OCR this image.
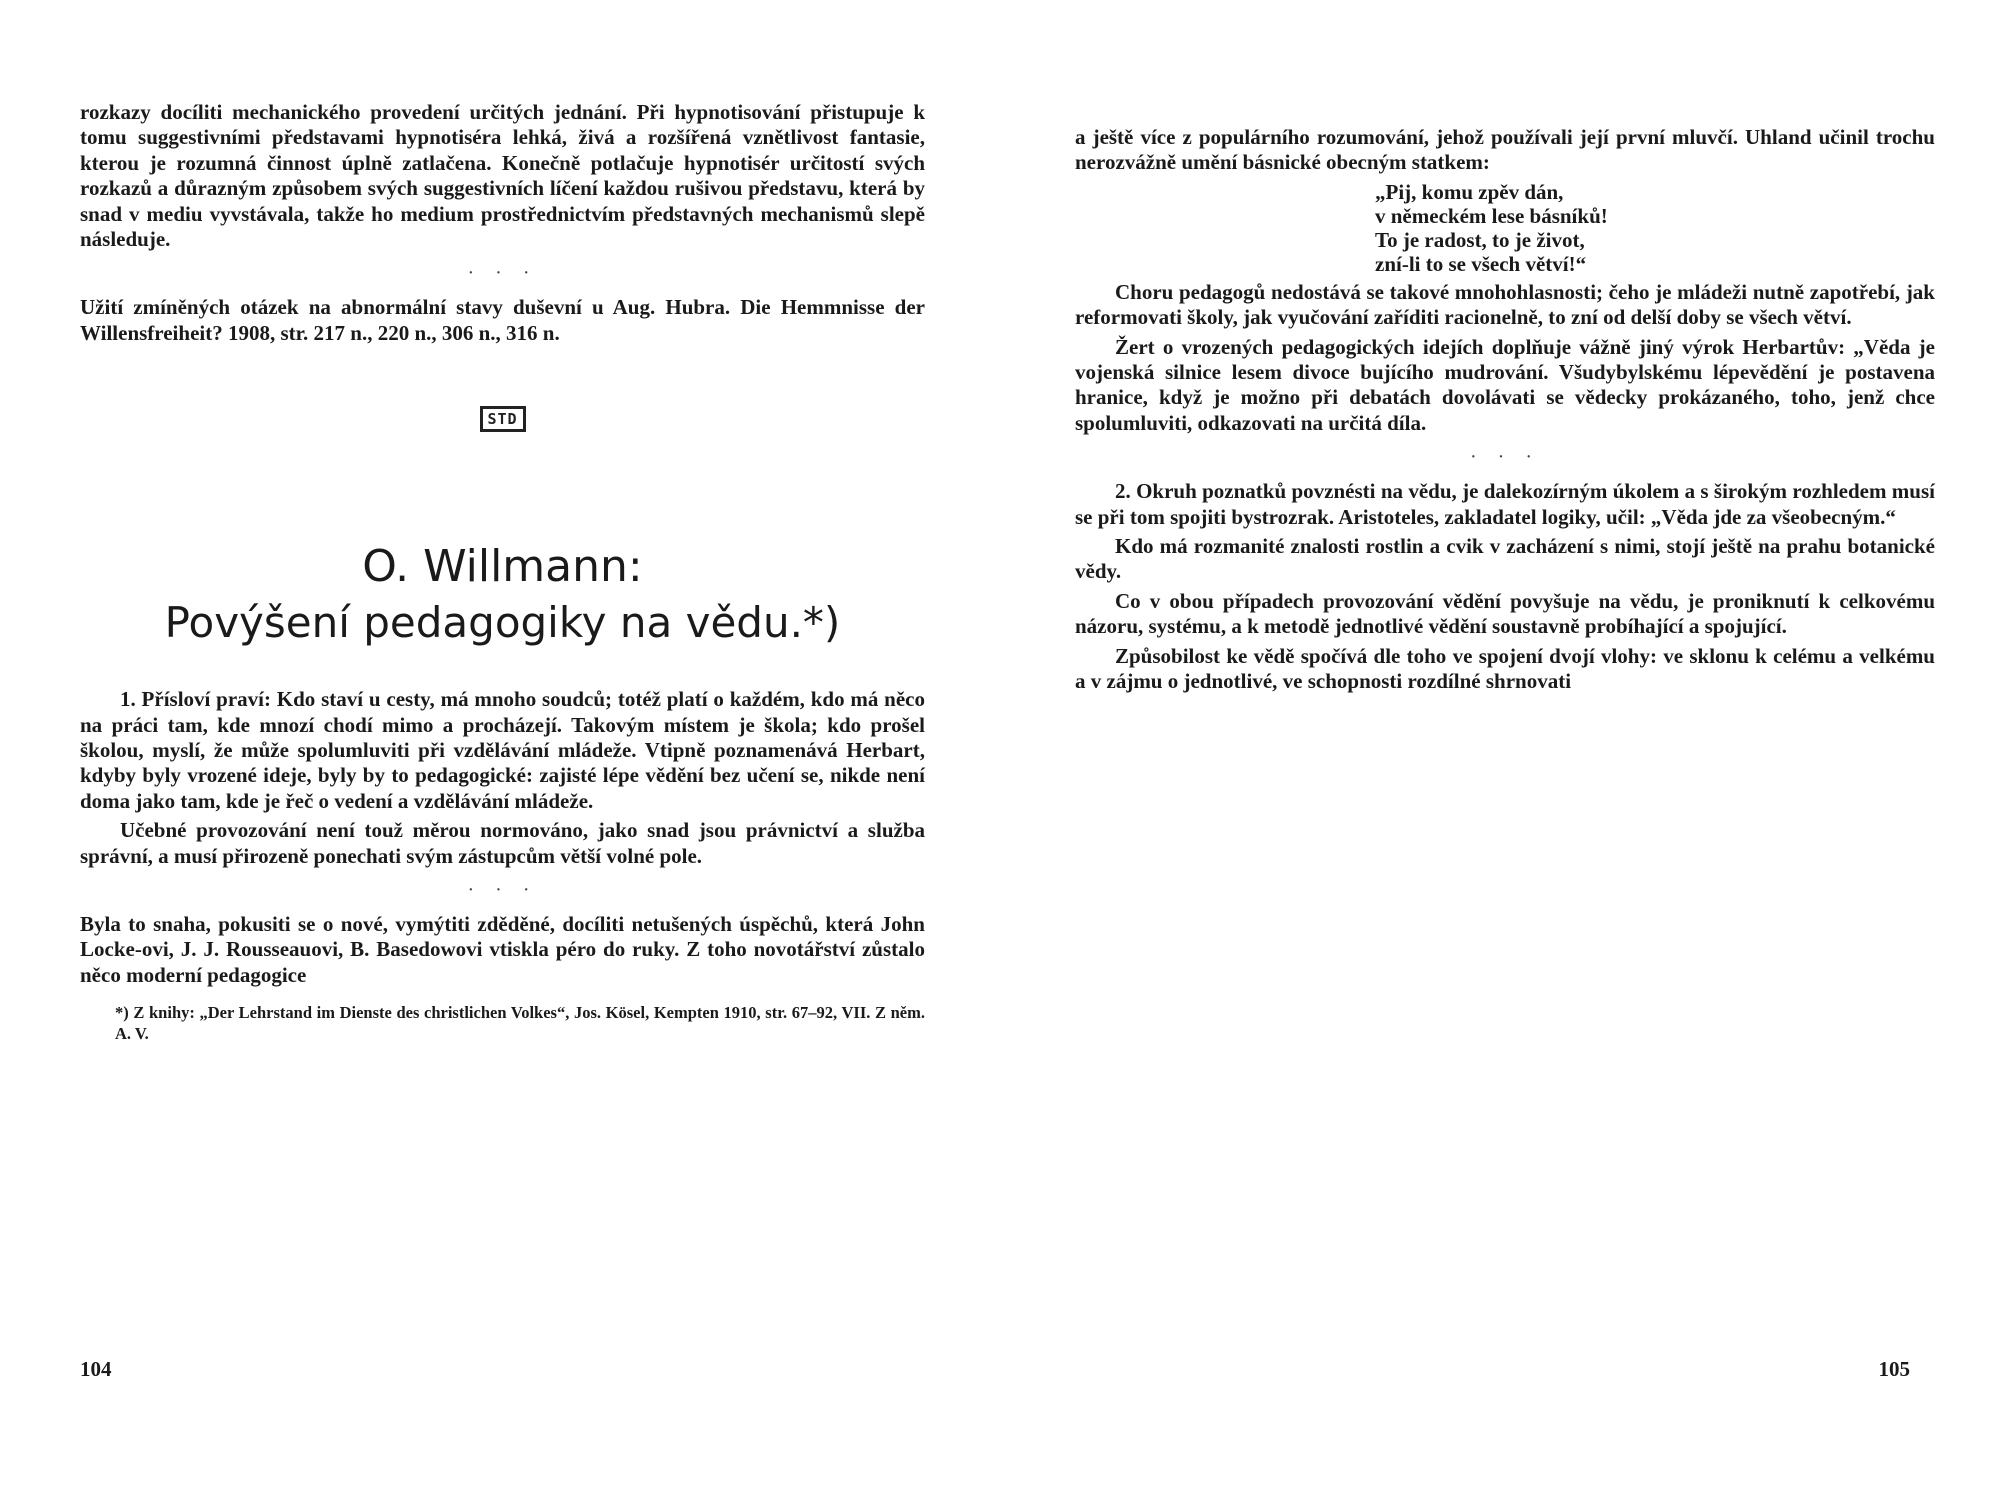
rozkazy docíliti mechanického provedení určitých jednání. Při hypnotisování přistupuje k tomu suggestivními představami hypnotiséra lehká, živá a rozšířená vznětlivost fantasie, kterou je rozumná činnost úplně zatlačena. Konečně potlačuje hypnotisér určitostí svých rozkazů a důrazným způsobem svých suggestivních líčení každou rušivou představu, která by snad v mediu vyvstávala, takže ho medium prostřednictvím představných mechanismů slepě následuje.

· · ·

Užití zmíněných otázek na abnormální stavy duševní u Aug. Hubra. Die Hemmnisse der Willensfreiheit? 1908, str. 217 n., 220 n., 306 n., 316 n.

STD
O. Willmann:
Povýšení pedagogiky na vědu.*)

1. Přísloví praví: Kdo staví u cesty, má mnoho soudců; totéž platí o každém, kdo má něco na práci tam, kde mnozí chodí mimo a procházejí. Takovým místem je škola; kdo prošel školou, myslí, že může spolumluviti při vzdělávání mládeže. Vtipně poznamenává Herbart, kdyby byly vrozené ideje, byly by to pedagogické: zajisté lépe vědění bez učení se, nikde není doma jako tam, kde je řeč o vedení a vzdělávání mládeže.

Učebné provozování není touž měrou normováno, jako snad jsou právnictví a služba správní, a musí přirozeně ponechati svým zástupcům větší volné pole.

· · ·

Byla to snaha, pokusiti se o nové, vymýtiti zděděné, docíliti netušených úspěchů, která John Locke-ovi, J. J. Rousseauovi, B. Basedowovi vtiskla péro do ruky. Z toho novotářství zůstalo něco moderní pedagogice

*) Z knihy: „Der Lehrstand im Dienste des christlichen Volkes“, Jos. Kösel, Kempten 1910, str. 67–92, VII. Z něm. A. V.

104

a ještě více z populárního rozumování, jehož používali její první mluvčí. Uhland učinil trochu nerozvážně umění básnické obecným statkem:

„Pij, komu zpěv dán,
v německém lese básníků!
To je radost, to je život,
zní-li to se všech větví!“

Choru pedagogů nedostává se takové mnohohlasnosti; čeho je mládeži nutně zapotřebí, jak reformovati školy, jak vyučování zaříditi racionelně, to zní od delší doby se všech větví.

Žert o vrozených pedagogických idejích doplňuje vážně jiný výrok Herbartův: „Věda je vojenská silnice lesem divoce bujícího mudrování. Všudybylskému lépevědění je postavena hranice, když je možno při debatách dovolávati se vědecky prokázaného, toho, jenž chce spolumluviti, odkazovati na určitá díla.

· · ·

2. Okruh poznatků povznésti na vědu, je dalekozírným úkolem a s širokým rozhledem musí se při tom spojiti bystrozrak. Aristoteles, zakladatel logiky, učil: „Věda jde za všeobecným.“

Kdo má rozmanité znalosti rostlin a cvik v zacházení s nimi, stojí ještě na prahu botanické vědy.

Co v obou případech provozování vědění povyšuje na vědu, je proniknutí k celkovému názoru, systému, a k metodě jednotlivé vědění soustavně probíhající a spojující.

Způsobilost ke vědě spočívá dle toho ve spojení dvojí vlohy: ve sklonu k celému a velkému a v zájmu o jednotlivé, ve schopnosti rozdílné shrnovati

105
